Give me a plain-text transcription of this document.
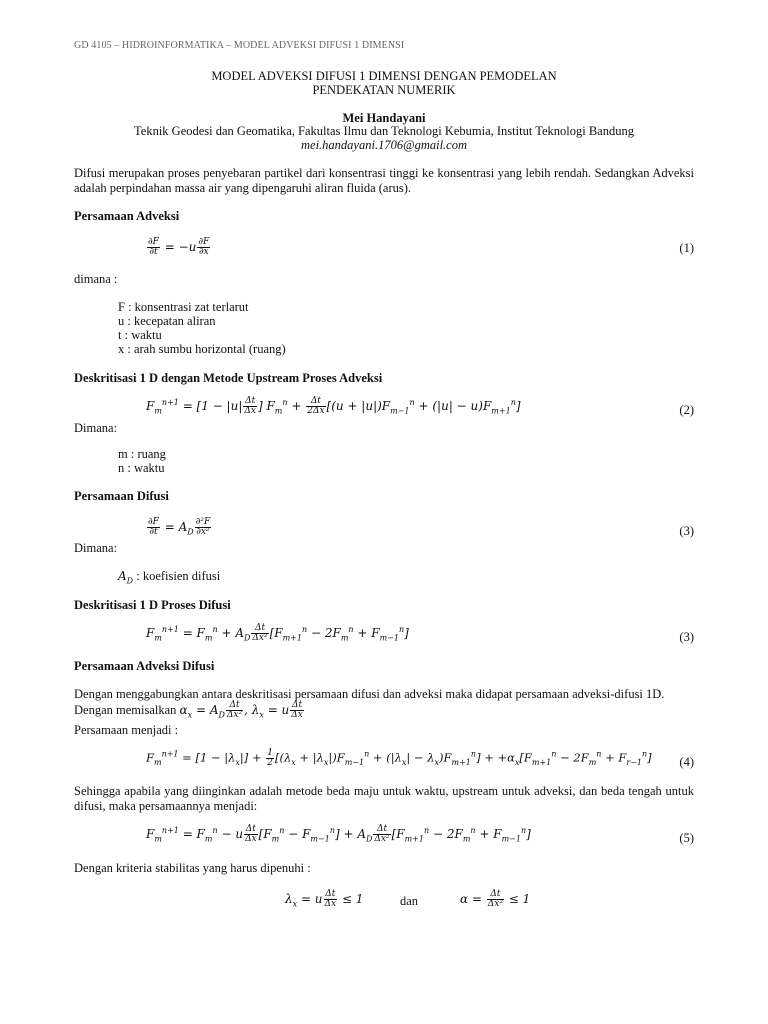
GD 4105 – HIDROINFORMATIKA – MODEL ADVEKSI DIFUSI 1 DIMENSI
MODEL ADVEKSI DIFUSI 1 DIMENSI DENGAN PEMODELAN
PENDEKATAN NUMERIK
Mei Handayani
Teknik Geodesi dan Geomatika, Fakultas Ilmu dan Teknologi Kebumia, Institut Teknologi Bandung
mei.handayani.1706@gmail.com
Difusi merupakan proses penyebaran partikel dari konsentrasi tinggi ke konsentrasi yang lebih rendah. Sedangkan Adveksi adalah perpindahan massa air yang dipengaruhi aliran fluida (arus).
Persamaan Adveksi
$\frac{\partial F}{\partial t} = -u \frac{\partial F}{\partial x}$	(1)
dimana :
F : konsentrasi zat terlarut
u : kecepatan aliran
t : waktu
x : arah sumbu horizontal (ruang)
Deskritisasi 1 D dengan Metode Upstream Proses Adveksi
$F_m^{n+1} = [1 - |u| \frac{\Delta t}{\Delta x}$ ] $F_m^n + \frac{\Delta t}{2\Delta x} [(u + |u|)F_{m-1}^n + (|u| - u)F_{m+1}^n]$	(2)
Dimana:
m : ruang
n : waktu
Persamaan Difusi
$\frac{\partial F}{\partial t} = A_D \frac{\text{∂²F}}{\text{∂x²}}$	(3)
Dimana:
$A_D$ : koefisien difusi
Deskritisasi 1 D Proses Difusi
$F_m^{n+1} = F_m^n + A_D \frac{\Delta t}{\text{Δx²}} [F_{m+1}^n - 2F_m^n + F_{m-1}^n]$	(3)
Persamaan Adveksi Difusi
Dengan menggabungkan antara deskritisasi persamaan difusi dan adveksi maka didapat persamaan adveksi-difusi 1D.
Dengan memisalkan $\alpha_x = A_D \frac{\Delta t}{\text{Δx²}}$ , $\lambda_x = u \frac{\Delta t}{\Delta x}$
Persamaan menjadi :
$F_m^{n+1} = [1 - |\lambda_x|] + \frac{1}{2} [(\lambda_x + |\lambda_x|)F_{m-1}^n + (|\lambda_x| - \lambda_x)F_{m+1}^n] + +\alpha_x[F_{m+1}^n - 2F_m^n + F_{r-1}^n]$	(4)
Sehingga apabila yang diinginkan adalah metode beda maju untuk waktu, upstream untuk adveksi, dan beda tengah untuk difusi, maka persamaannya menjadi:
$F_m^{n+1} = F_m^n - u \frac{\Delta t}{\Delta x} [F_m^n - F_{m-1}^n] + A_D \frac{\Delta t}{\text{Δx²}} [F_{m+1}^n - 2F_m^n + F_{m-1}^n]$	(5)
Dengan kriteria stabilitas yang harus dipenuhi :
$\lambda_x = u \frac{\Delta t}{\Delta x} \le 1$	dan	$\alpha = \frac{\Delta t}{\text{Δx²}} \le 1$
